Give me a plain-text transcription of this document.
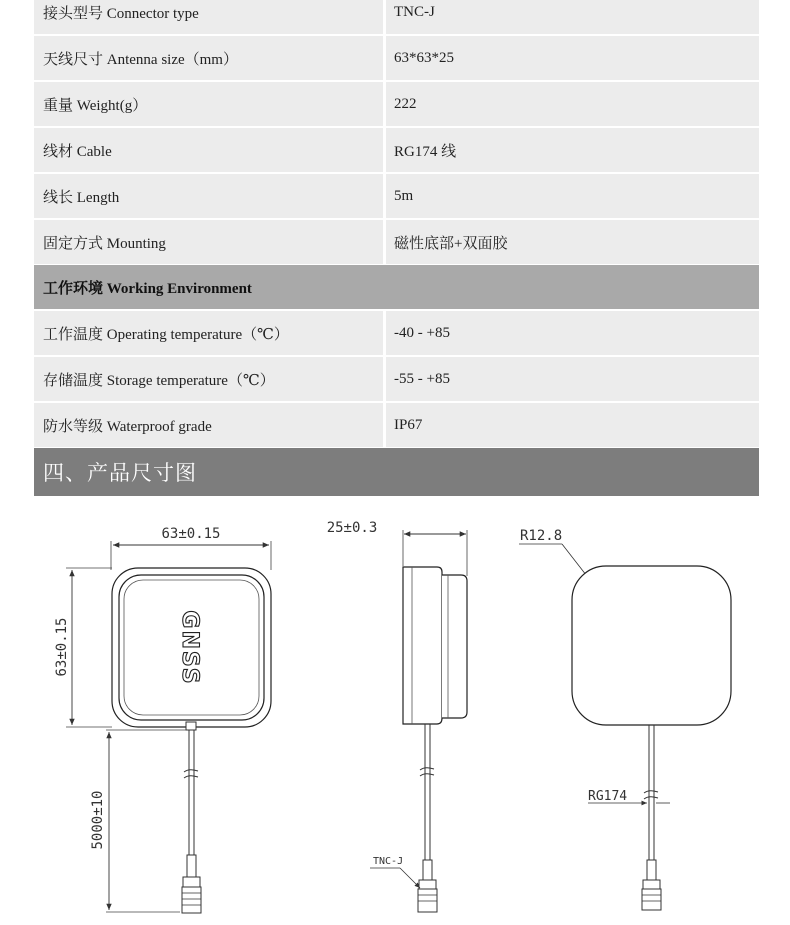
接头型号 Connector type	TNC-J
天线尺寸 Antenna size（mm）	63*63*25
重量 Weight(g）	222
线材 Cable	RG174 线
线长 Length	5m
固定方式 Mounting	磁性底部+双面胶
工作环境 Working Environment
工作温度 Operating temperature（℃）	-40 - +85
存储温度 Storage temperature（℃）	-55 - +85
防水等级 Waterproof grade	IP67
四、产品尺寸图
63±0.15
63±0.15	GNSS
5000±10
25±0.3
TNC-J
R12.8
RG174
